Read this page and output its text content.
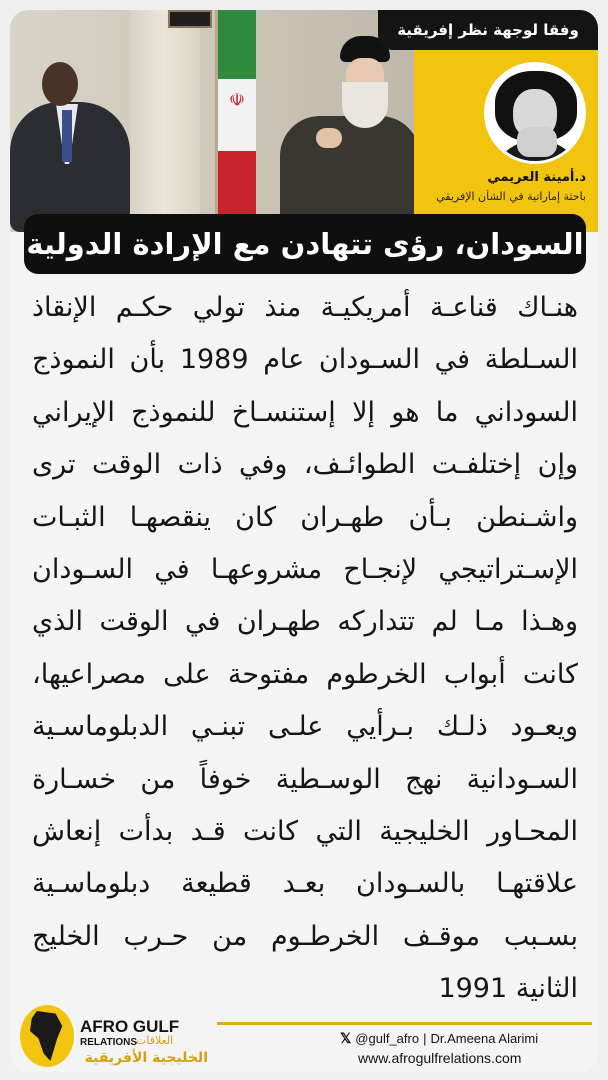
☫
وفقا لوجهة نظر إفريقية
د.أمينة العريمي
باحثة إماراتية في الشأن الإفريقي
السودان، رؤى تتهادن مع الإرادة الدولية
هنـاك قناعـة أمريكيـة منذ تولي حكـم الإنقاذ
السـلطة في السـودان عام 1989 بأن النموذج
السوداني ما هو إلا إستنسـاخ للنموذج الإيراني
وإن إختلفـت الطوائـف، وفي ذات الوقت ترى
واشـنطن بـأن طهـران كان ينقصهـا الثبـات
الإسـتراتيجي لإنجـاح مشروعهـا في السـودان
وهـذا مـا لم تتداركه طهـران في الوقت الذي
كانت أبواب الخرطوم مفتوحة على مصراعيها،
ويعـود ذلـك بـرأيي علـى تبنـي الدبلوماسـية
السـودانية نهج الوسـطية خوفاً من خسـارة
المحـاور الخليجية التي كانت قـد بدأت إنعاش
علاقتهـا بالسـودان بعـد قطيعة دبلوماسـية
بسـبب موقـف الخرطـوم من حـرب الخليج
الثانية 1991
AFRO GULF
RELATIONS
العلاقات
الخليجية الأفريقية
𝕏 @gulf_afro | Dr.Ameena Alarimi
www.afrogulfrelations.com
